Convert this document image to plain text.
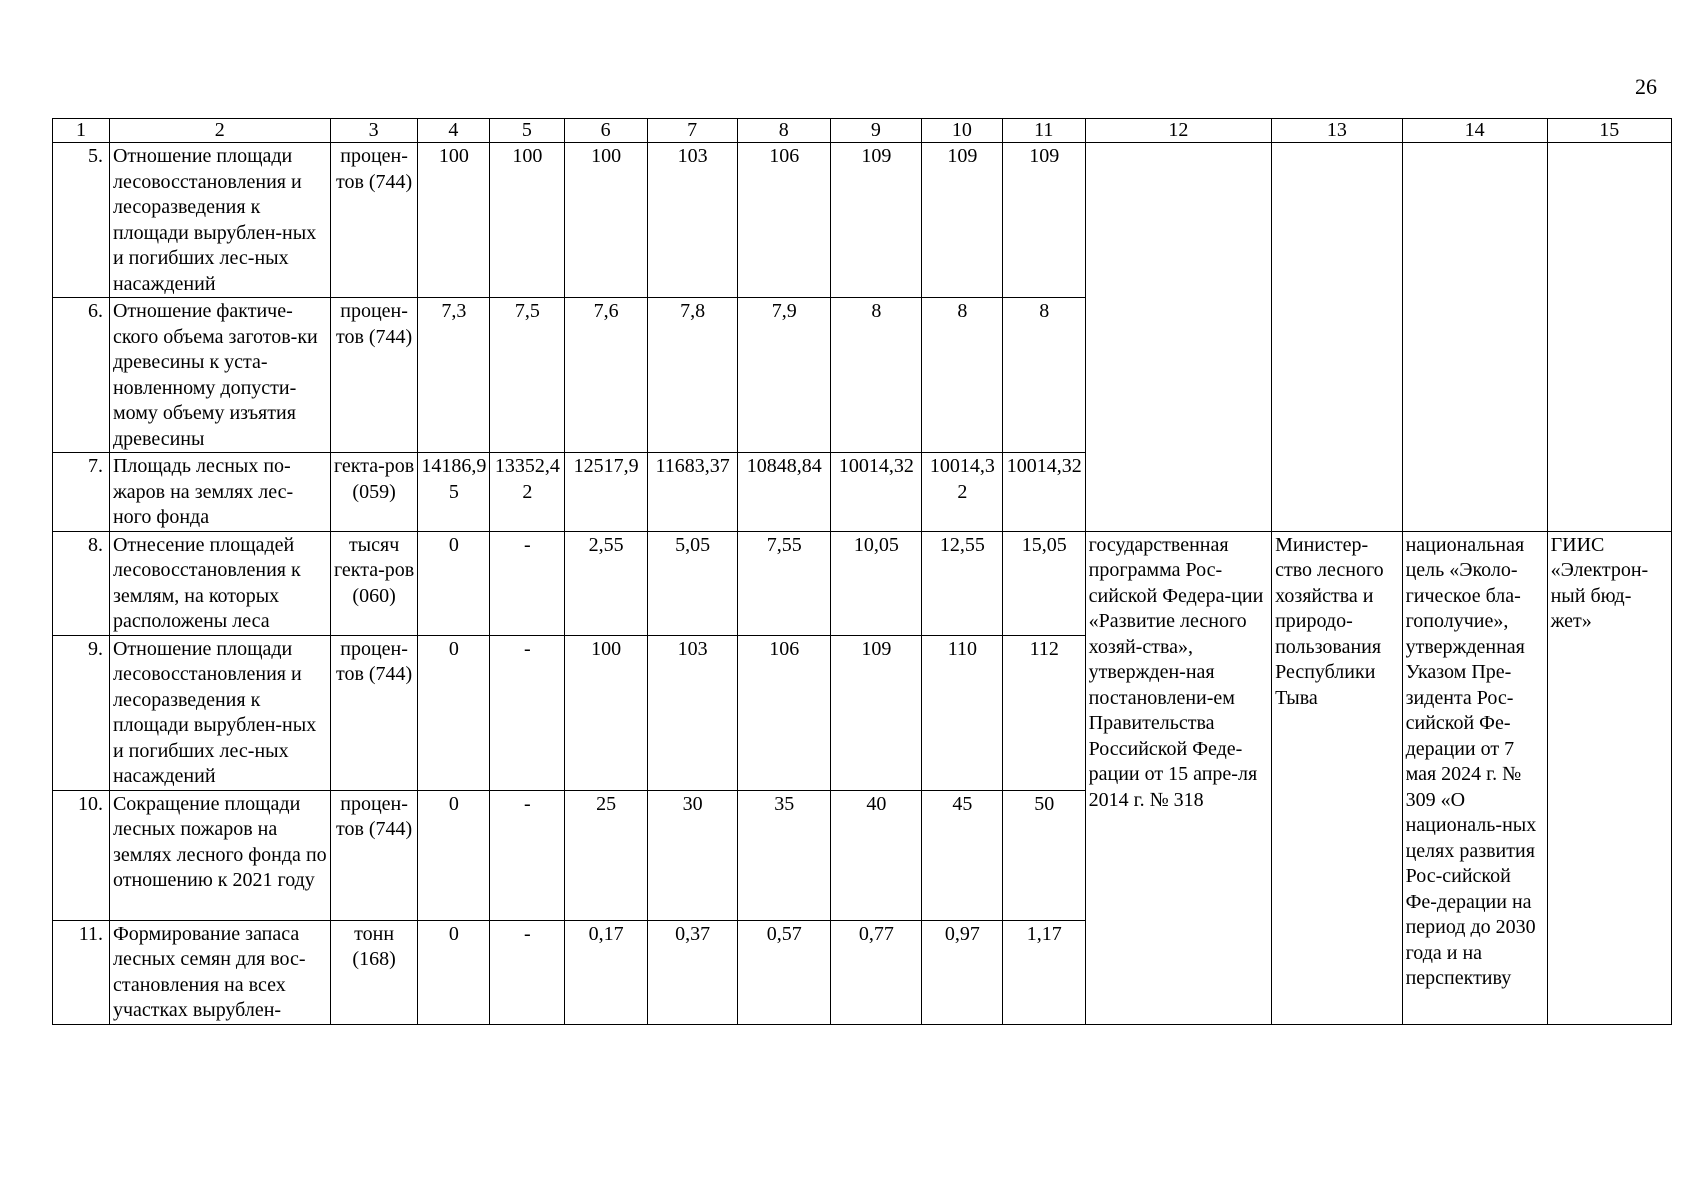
26
1	2	3	4	5	6	7	8	9	10	11	12	13	14	15
5.	Отношение площади лесовосстановления и лесоразведения к площади вырублен-ных и погибших лес-ных насаждений	процен-тов (744)	100	100	100	103	106	109	109	109				
6.	Отношение фактиче-ского объема заготов-ки древесины к уста-новленному допусти-мому объему изъятия древесины	процен-тов (744)	7,3	7,5	7,6	7,8	7,9	8	8	8				
7.	Площадь лесных по-жаров на землях лес-ного фонда	гекта-ров (059)	14186,95	13352,42	12517,9	11683,37	10848,84	10014,32	10014,32	10014,32				
8.	Отнесение площадей лесовосстановления к землям, на которых расположены леса	тысяч гекта-ров (060)	0	-	2,55	5,05	7,55	10,05	12,55	15,05	государственная программа Рос-сийской Федера-ции «Развитие лесного хозяй-ства», утвержден-ная постановлени-ем Правительства Российской Феде-рации от 15 апре-ля 2014 г. № 318	Министер-ство лесного хозяйства и природо-пользования Республики Тыва	национальная цель «Эколо-гическое бла-гополучие», утвержденная Указом Пре-зидента Рос-сийской Фе-дерации от 7 мая 2024 г. № 309 «О националь-ных целях развития Рос-сийской Фе-дерации на период до 2030 года и на перспективу	ГИИС «Электрон-ный бюд-жет»
9.	Отношение площади лесовосстановления и лесоразведения к площади вырублен-ных и погибших лес-ных насаждений	процен-тов (744)	0	-	100	103	106	109	110	112				
10.	Сокращение площади лесных пожаров на землях лесного фонда по отношению к 2021 году	процен-тов (744)	0	-	25	30	35	40	45	50				
11.	Формирование запаса лесных семян для вос-становления на всех участках вырублен-	тонн (168)	0	-	0,17	0,37	0,57	0,77	0,97	1,17				
